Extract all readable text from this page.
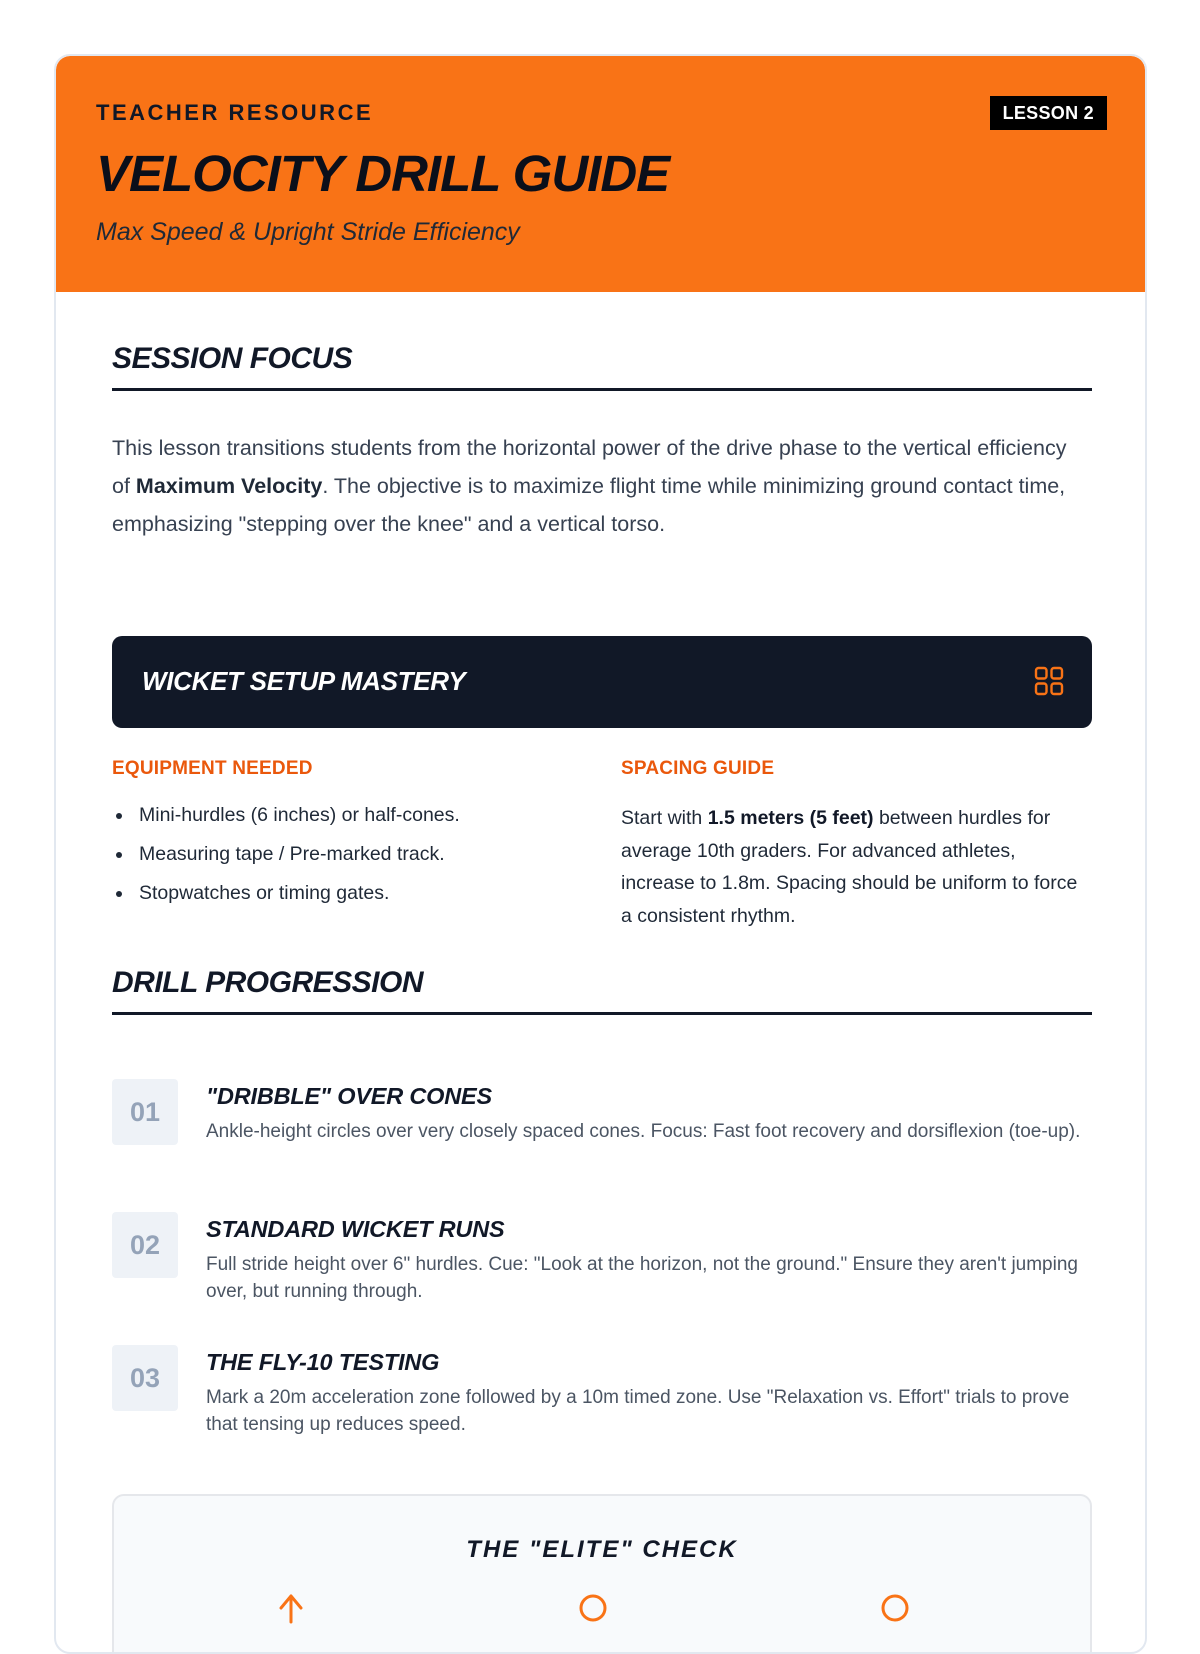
TEACHER RESOURCE	LESSON 2
VELOCITY DRILL GUIDE
Max Speed & Upright Stride Efficiency
SESSION FOCUS

This lesson transitions students from the horizontal power of the drive phase to the vertical efficiency of Maximum Velocity. The objective is to maximize flight time while minimizing ground contact time, emphasizing "stepping over the knee" and a vertical torso.

WICKET SETUP MASTERY
EQUIPMENT NEEDED
Mini-hurdles (6 inches) or half-cones.
Measuring tape / Pre-marked track.
Stopwatches or timing gates.
SPACING GUIDE

Start with 1.5 meters (5 feet) between hurdles for average 10th graders. For advanced athletes, increase to 1.8m. Spacing should be uniform to force a consistent rhythm.

DRILL PROGRESSION
01
"DRIBBLE" OVER CONES
Ankle-height circles over very closely spaced cones. Focus: Fast foot recovery and dorsiflexion (toe-up).
02
STANDARD WICKET RUNS
Full stride height over 6" hurdles. Cue: "Look at the horizon, not the ground." Ensure they aren't jumping over, but running through.
03
THE FLY-10 TESTING
Mark a 20m acceleration zone followed by a 10m timed zone. Use "Relaxation vs. Effort" trials to prove that tensing up reduces speed.
THE "ELITE" CHECK
